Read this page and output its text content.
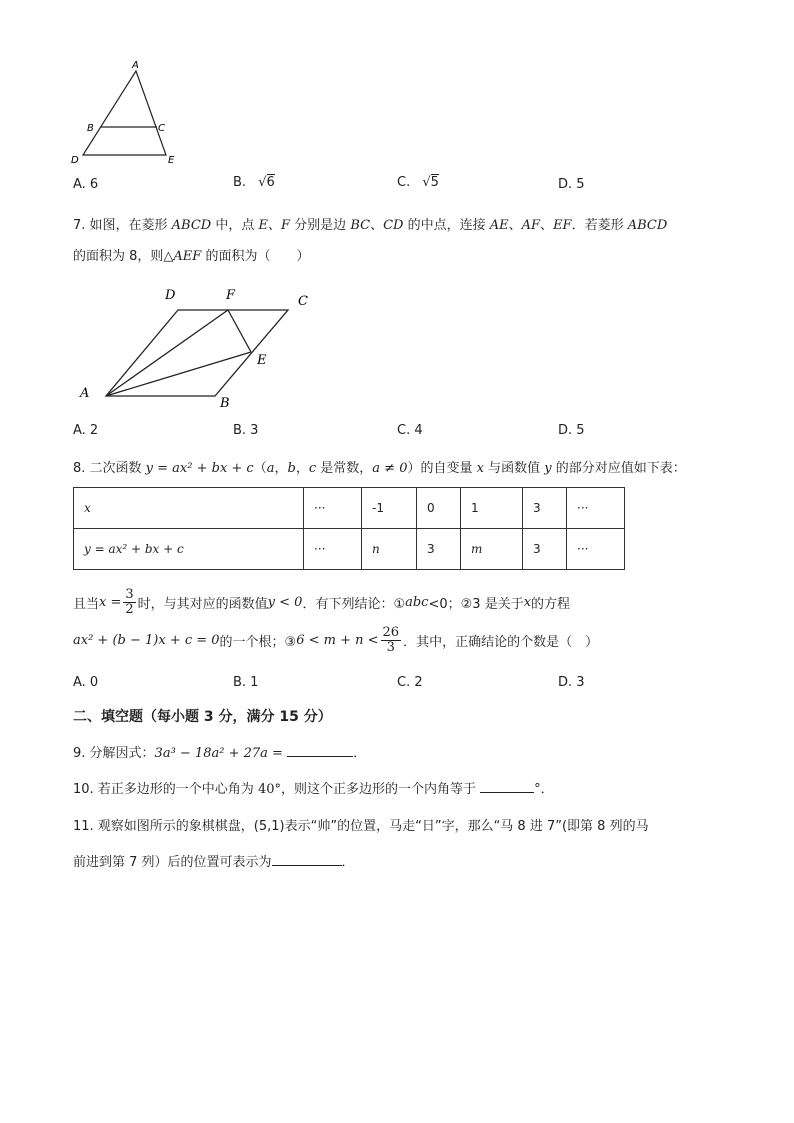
A
B	C
D	E
A. 6	B. √6	C. √5	D. 5
7. 如图，在菱形 ABCD 中，点 E、F 分别是边 BC、CD 的中点，连接 AE、AF、EF．若菱形 ABCD
的面积为 8，则△AEF 的面积为（　　）
A
B
C
D
E
F
A. 2	B. 3	C. 4	D. 5
8. 二次函数 y = ax² + bx + c（a，b，c 是常数，a ≠ 0）的自变量 x 与函数值 y 的部分对应值如下表：
x	···	-1	0	1	3	···
y = ax² + bx + c	···	n	3	m	3	···
且当 $x = \frac{3}{2}$ 时，与其对应的函数值 y < 0 ．有下列结论：① abc <0；②3 是关于 x 的方程
ax² + (b − 1)x + c = 0 的一个根；③ $6 < m + n < \frac{26}{3}$ ．其中，正确结论的个数是（　）
A. 0	B. 1	C. 2	D. 3
二、填空题（每小题 3 分，满分 15 分）
9. 分解因式：3a³ − 18a² + 27a =	．
10. 若正多边形的一个中心角为 40°，则这个正多边形的一个内角等于	°．
11. 观察如图所示的象棋棋盘，(5,1)表示“帅”的位置，马走“日”字，那么“马 8 进 7”(即第 8 列的马
前进到第 7 列）后的位置可表示为	．
